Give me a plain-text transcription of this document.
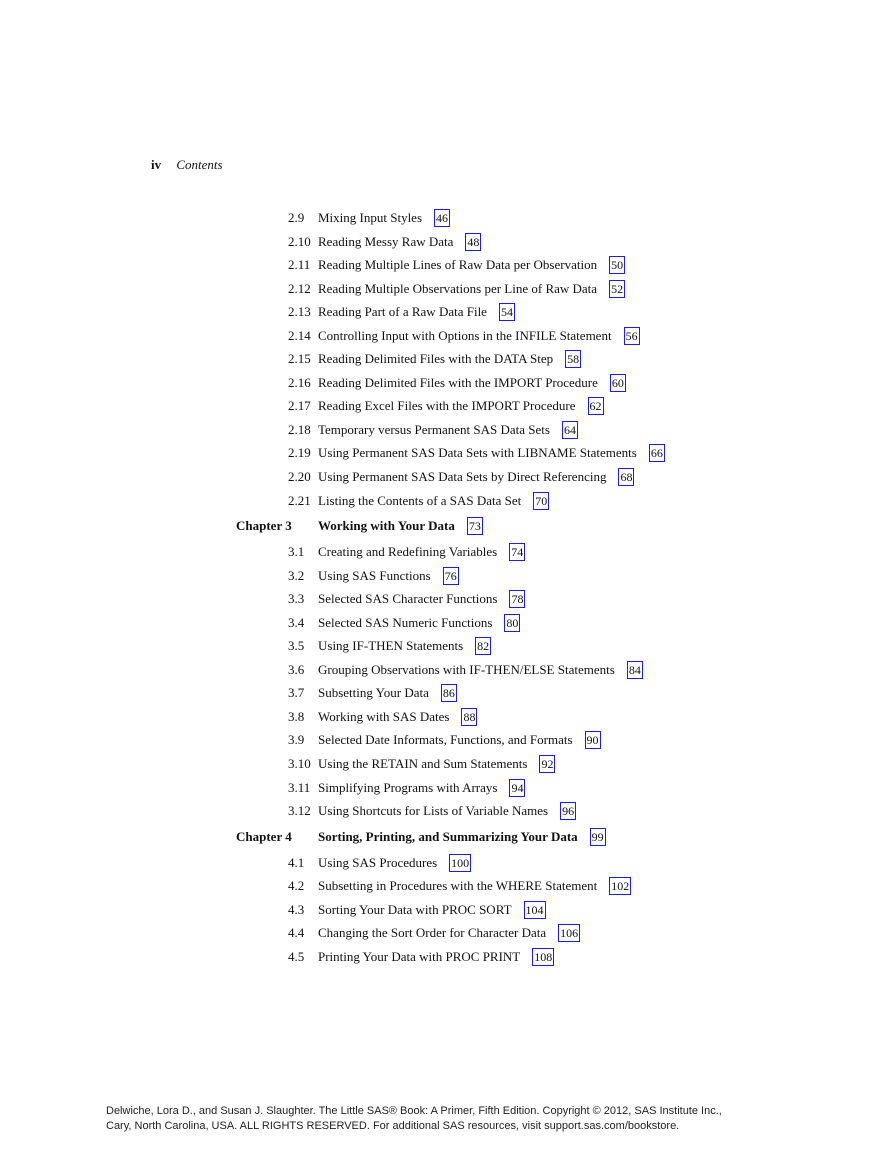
iv Contents
2.9 Mixing Input Styles 46
2.10 Reading Messy Raw Data 48
2.11 Reading Multiple Lines of Raw Data per Observation 50
2.12 Reading Multiple Observations per Line of Raw Data 52
2.13 Reading Part of a Raw Data File 54
2.14 Controlling Input with Options in the INFILE Statement 56
2.15 Reading Delimited Files with the DATA Step 58
2.16 Reading Delimited Files with the IMPORT Procedure 60
2.17 Reading Excel Files with the IMPORT Procedure 62
2.18 Temporary versus Permanent SAS Data Sets 64
2.19 Using Permanent SAS Data Sets with LIBNAME Statements 66
2.20 Using Permanent SAS Data Sets by Direct Referencing 68
2.21 Listing the Contents of a SAS Data Set 70
Chapter 3 Working with Your Data 73
3.1 Creating and Redefining Variables 74
3.2 Using SAS Functions 76
3.3 Selected SAS Character Functions 78
3.4 Selected SAS Numeric Functions 80
3.5 Using IF-THEN Statements 82
3.6 Grouping Observations with IF-THEN/ELSE Statements 84
3.7 Subsetting Your Data 86
3.8 Working with SAS Dates 88
3.9 Selected Date Informats, Functions, and Formats 90
3.10 Using the RETAIN and Sum Statements 92
3.11 Simplifying Programs with Arrays 94
3.12 Using Shortcuts for Lists of Variable Names 96
Chapter 4 Sorting, Printing, and Summarizing Your Data 99
4.1 Using SAS Procedures 100
4.2 Subsetting in Procedures with the WHERE Statement 102
4.3 Sorting Your Data with PROC SORT 104
4.4 Changing the Sort Order for Character Data 106
4.5 Printing Your Data with PROC PRINT 108
Delwiche, Lora D., and Susan J. Slaughter. The Little SAS® Book: A Primer, Fifth Edition. Copyright © 2012, SAS Institute Inc.,
Cary, North Carolina, USA. ALL RIGHTS RESERVED. For additional SAS resources, visit support.sas.com/bookstore.
